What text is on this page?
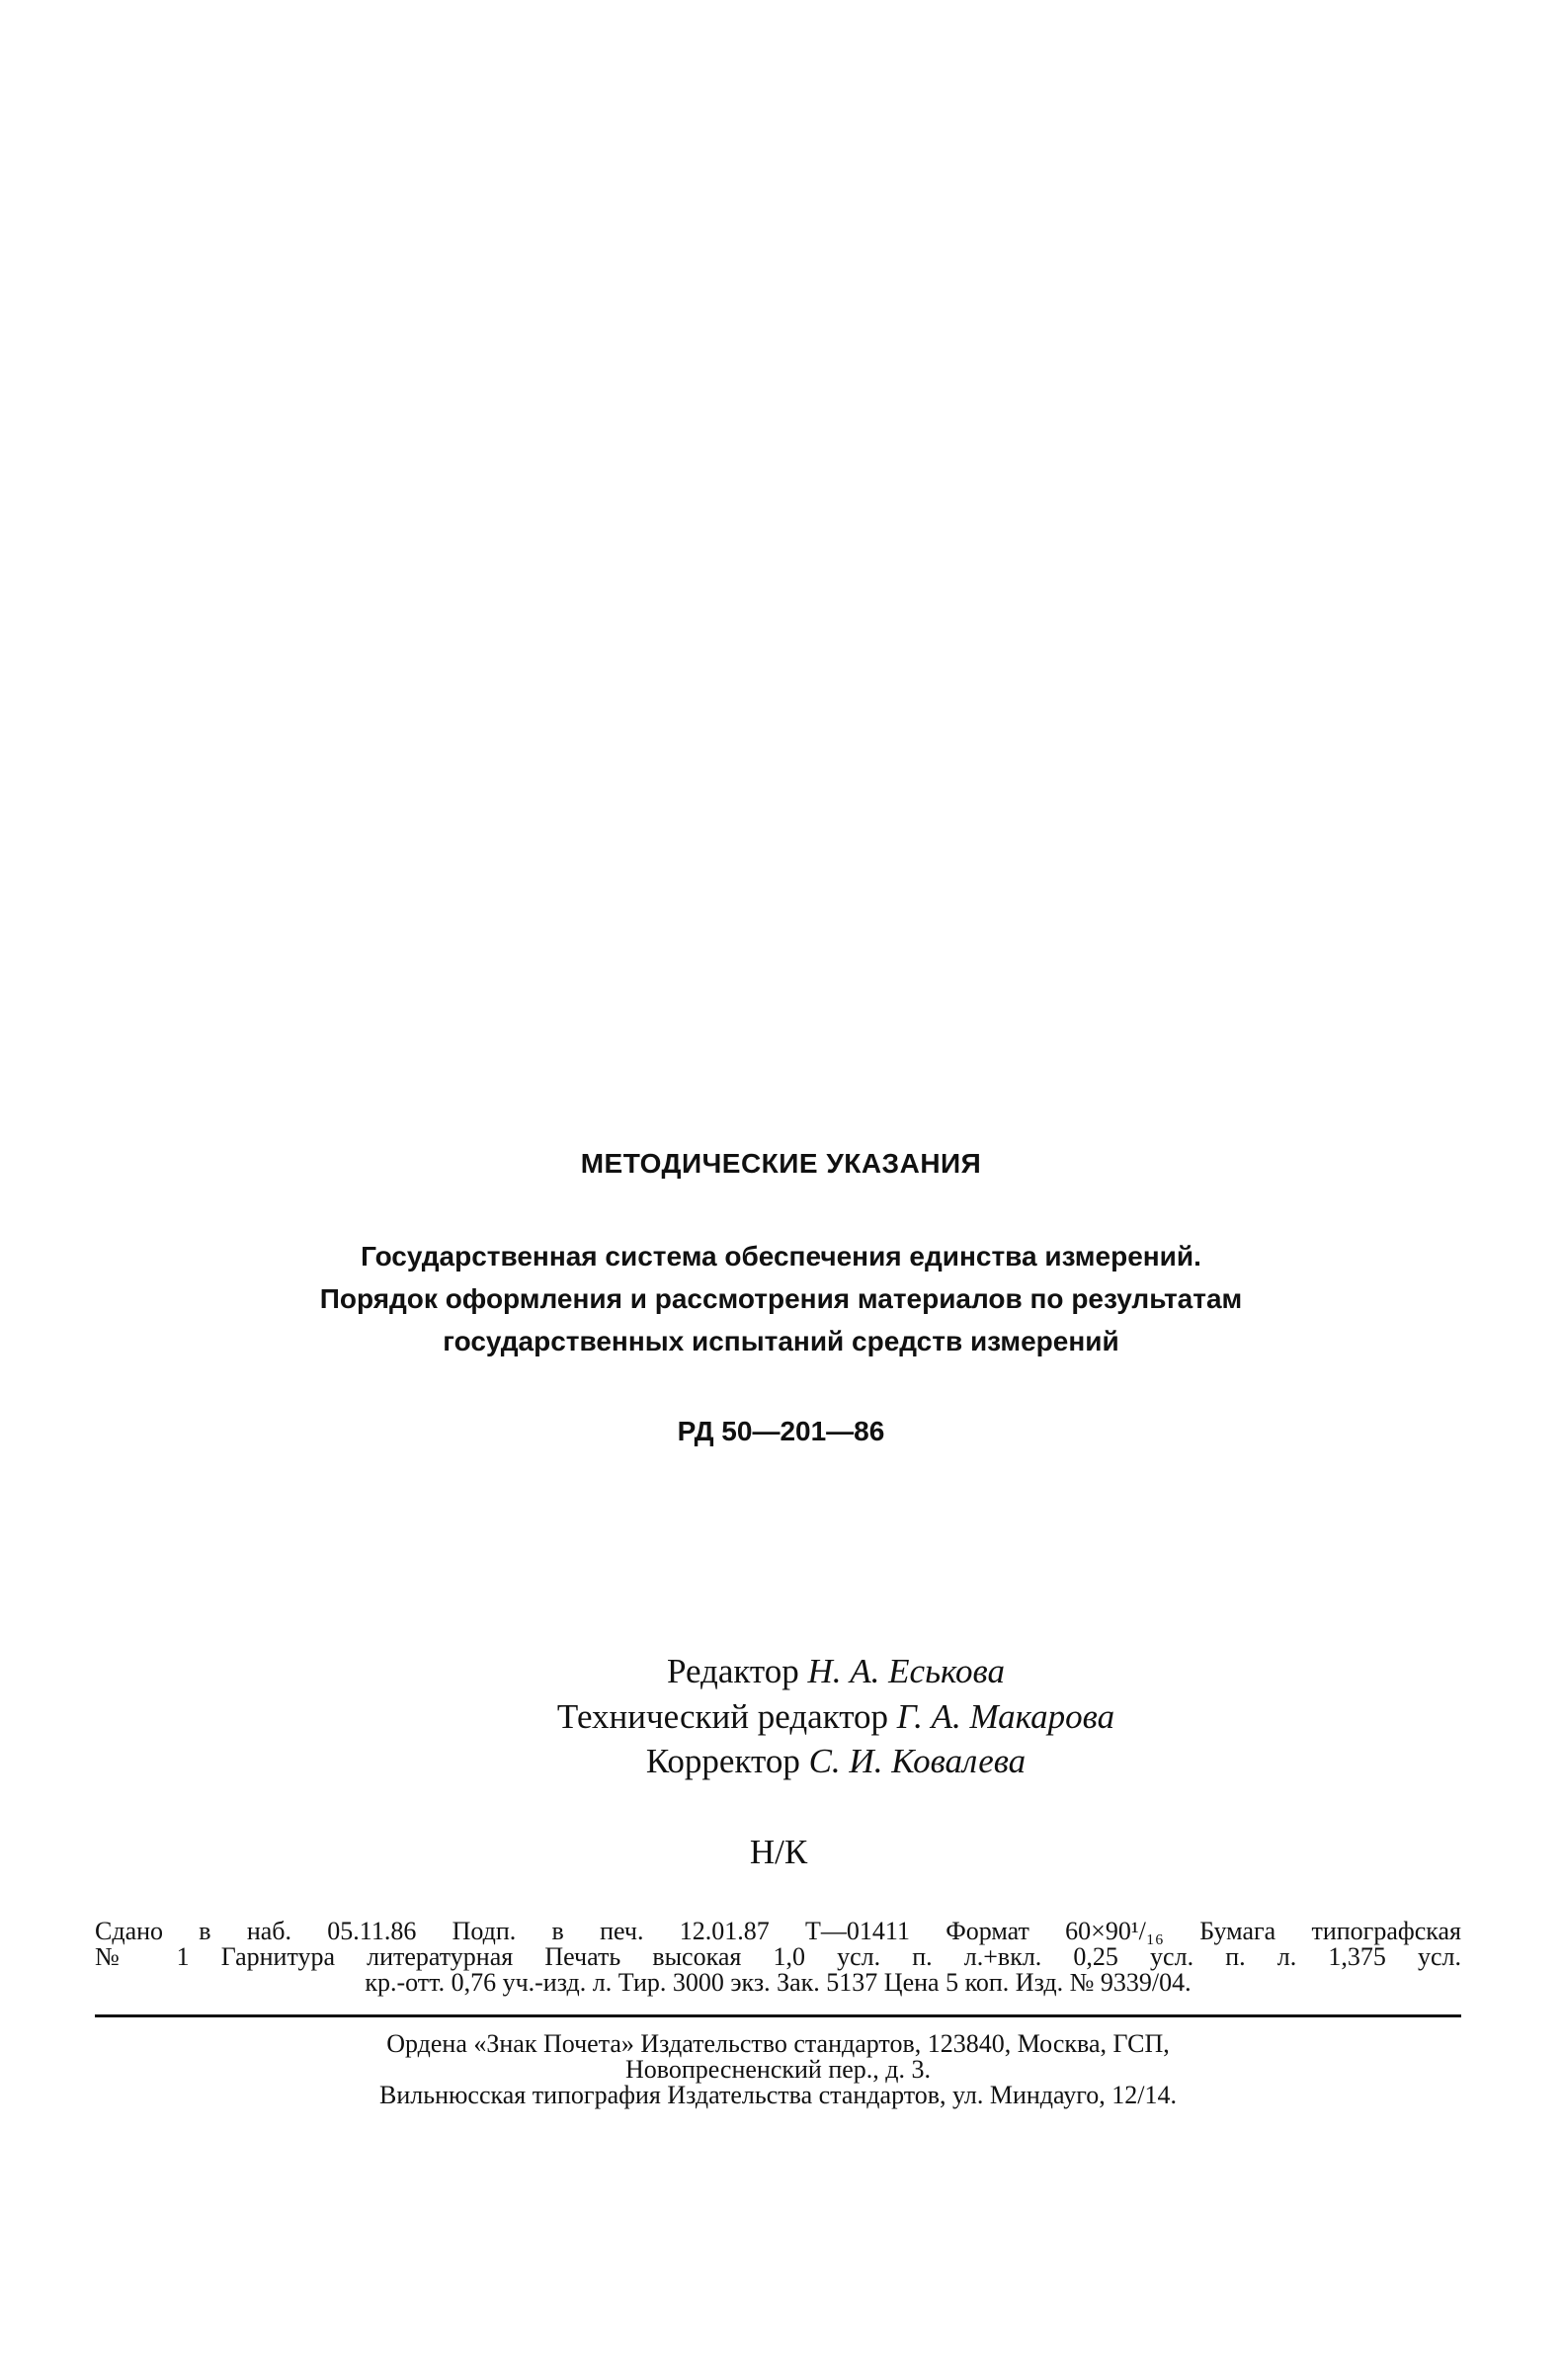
МЕТОДИЧЕСКИЕ УКАЗАНИЯ
Государственная система обеспечения единства измерений.
Порядок оформления и рассмотрения материалов по результатам
государственных испытаний средств измерений
РД 50—201—86
Редактор Н. А. Еськова
Технический редактор Г. А. Макарова
Корректор С. И. Ковалева
Н/К
Сдано в наб. 05.11.86 Подп. в печ. 12.01.87 Т—01411 Формат 60×90¹/₁₆ Бумага типографская
№ 1 Гарнитура литературная Печать высокая 1,0 усл. п. л.+вкл. 0,25 усл. п. л. 1,375 усл.
кр.-отт. 0,76 уч.-изд. л. Тир. 3000 экз. Зак. 5137 Цена 5 коп. Изд. № 9339/04.
Ордена «Знак Почета» Издательство стандартов, 123840, Москва, ГСП,
Новопресненский пер., д. 3.
Вильнюсская типография Издательства стандартов, ул. Миндауго, 12/14.
